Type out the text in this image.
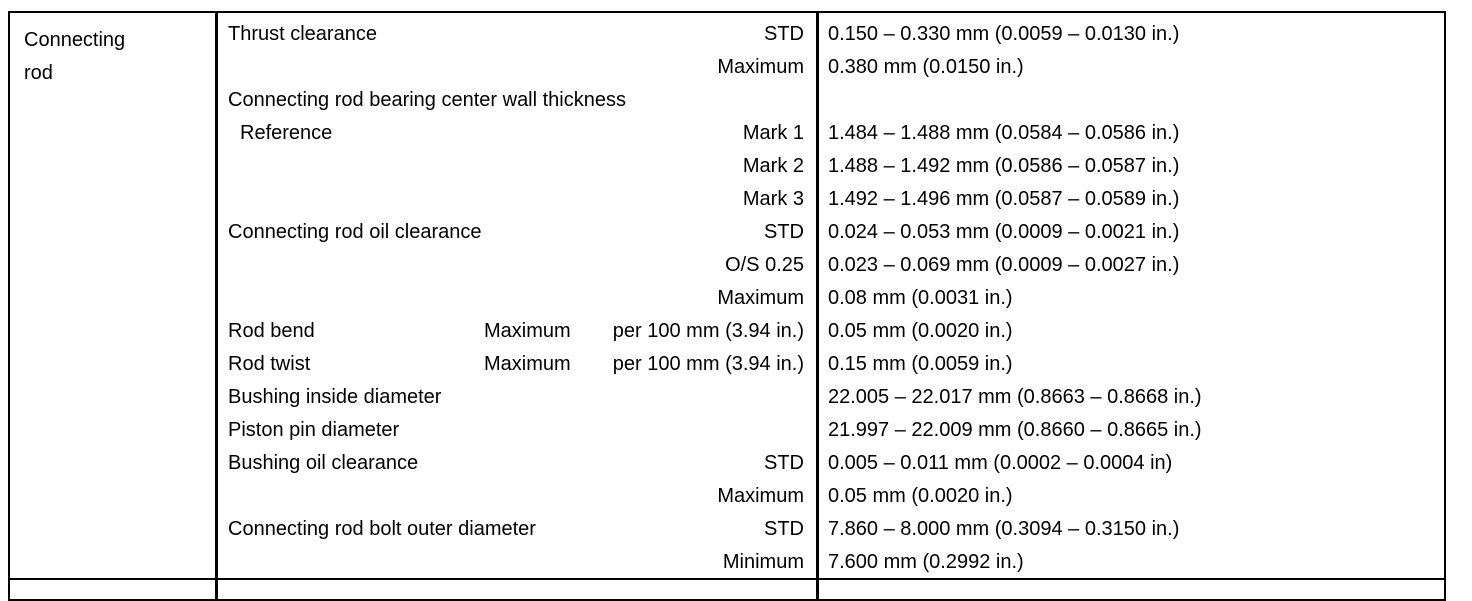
Connecting
rod
Thrust clearance	STD 0.150 – 0.330 mm (0.0059 – 0.0130 in.)
Maximum 0.380 mm (0.0150 in.)
Connecting rod bearing center wall thickness
Reference	Mark 1 1.484 – 1.488 mm (0.0584 – 0.0586 in.)
Mark 2 1.488 – 1.492 mm (0.0586 – 0.0587 in.)
Mark 3 1.492 – 1.496 mm (0.0587 – 0.0589 in.)
Connecting rod oil clearance	STD 0.024 – 0.053 mm (0.0009 – 0.0021 in.)
O/S 0.25 0.023 – 0.069 mm (0.0009 – 0.0027 in.)
Maximum 0.08 mm (0.0031 in.)
Rod bend	Maximum per 100 mm (3.94 in.) 0.05 mm (0.0020 in.)
Rod twist	Maximum per 100 mm (3.94 in.) 0.15 mm (0.0059 in.)
Bushing inside diameter	22.005 – 22.017 mm (0.8663 – 0.8668 in.)
Piston pin diameter	21.997 – 22.009 mm (0.8660 – 0.8665 in.)
Bushing oil clearance	STD 0.005 – 0.011 mm (0.0002 – 0.0004 in)
Maximum 0.05 mm (0.0020 in.)
Connecting rod bolt outer diameter	STD 7.860 – 8.000 mm (0.3094 – 0.3150 in.)
Minimum 7.600 mm (0.2992 in.)
